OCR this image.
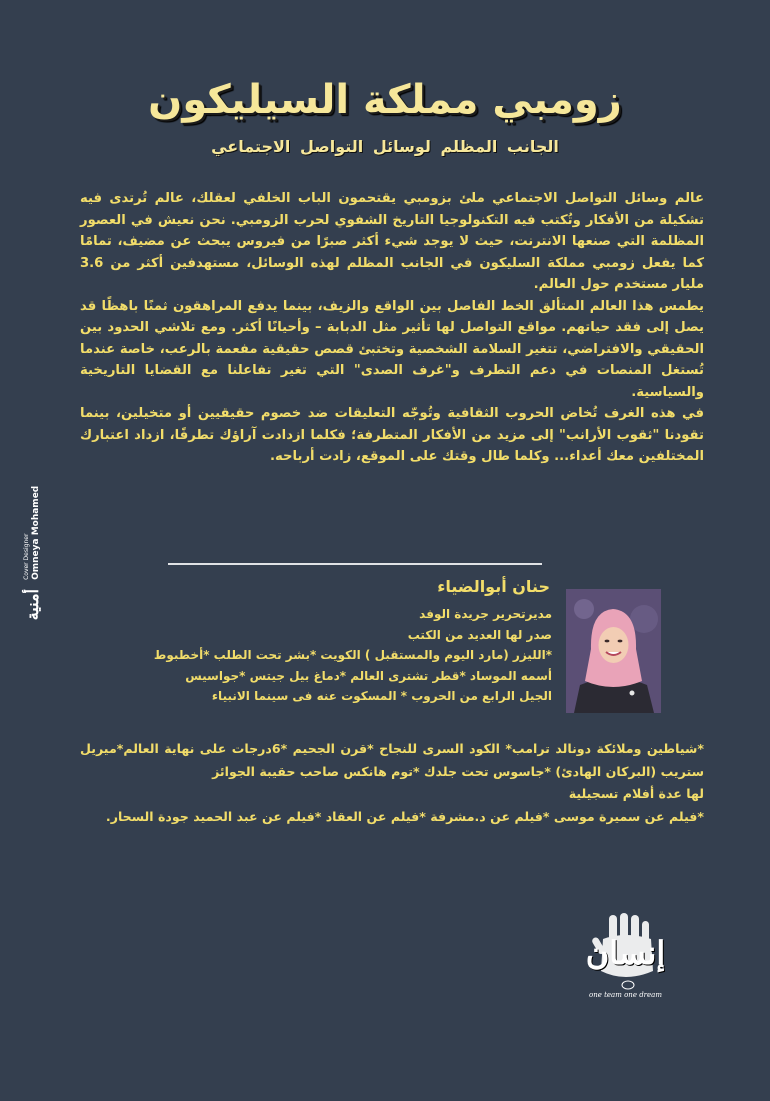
زومبي مملكة السيليكون
الجانب المظلم لوسائل التواصل الاجتماعي

عالم وسائل التواصل الاجتماعي ملئ بزومبي يقتحمون الباب الخلفي لعقلك، عالم تُرتدى فيه تشكيلة من الأفكار وتُكتب فيه التكنولوجيا التاريخ الشفوي لحرب الزومبي. نحن نعيش في العصور المظلمة التي صنعها الانترنت، حيث لا يوجد شيء أكثر صبرًا من فيروس يبحث عن مضيف، تمامًا كما يفعل زومبي مملكة السليكون في الجانب المظلم لهذه الوسائل، مستهدفين أكثر من 3.6 مليار مستخدم حول العالم.

يطمس هذا العالم المتألق الخط الفاصل بين الواقع والزيف، بينما يدفع المراهقون ثمنًا باهظًا قد يصل إلى فقد حياتهم. مواقع التواصل لها تأثير مثل الدبابة – وأحيانًا أكثر. ومع تلاشي الحدود بين الحقيقي والافتراضي، تتغير السلامة الشخصية وتختبئ قصص حقيقية مفعمة بالرعب، خاصة عندما تُستغل المنصات في دعم التطرف و"غرف الصدى" التي تغير تفاعلنا مع القضايا التاريخية والسياسية.

في هذه الغرف تُخاض الحروب الثقافية وتُوجّه التعليقات ضد خصوم حقيقيين أو متخيلين، بينما تقودنا "ثقوب الأرانب" إلى مزيد من الأفكار المتطرفة؛ فكلما ازدادت آراؤك تطرفًا، ازداد اعتبارك المختلفين معك أعداء... وكلما طال وقتك على الموقع، زادت أرباحه.

حنان أبوالضياء
مديرتحرير جريدة الوفد
صدر لها العديد من الكتب
*الليزر (مارد اليوم والمستقبل ) الكويت *بشر تحت الطلب *أخطبوط
أسمه الموساد *قطر تشترى العالم *دماغ بيل جيتس *جواسيس
الجيل الرابع من الحروب * المسكوت عنه فى سينما الانبياء
*شياطين وملائكة دونالد ترامب* الكود السرى للنجاح *قرن الجحيم *6درجات على نهاية العالم*ميريل ستريب (البركان الهادئ) *جاسوس تحت جلدك *توم هانكس صاحب حقيبة الجوائز
لها عدة أفلام تسجيلية
*فيلم عن سميرة موسى *فيلم عن د.مشرفة *فيلم عن العقاد *فيلم عن عبد الحميد جودة السحار.
أمنية
Cover Designer Omneya Mohamed
إنسان
one team one dream
